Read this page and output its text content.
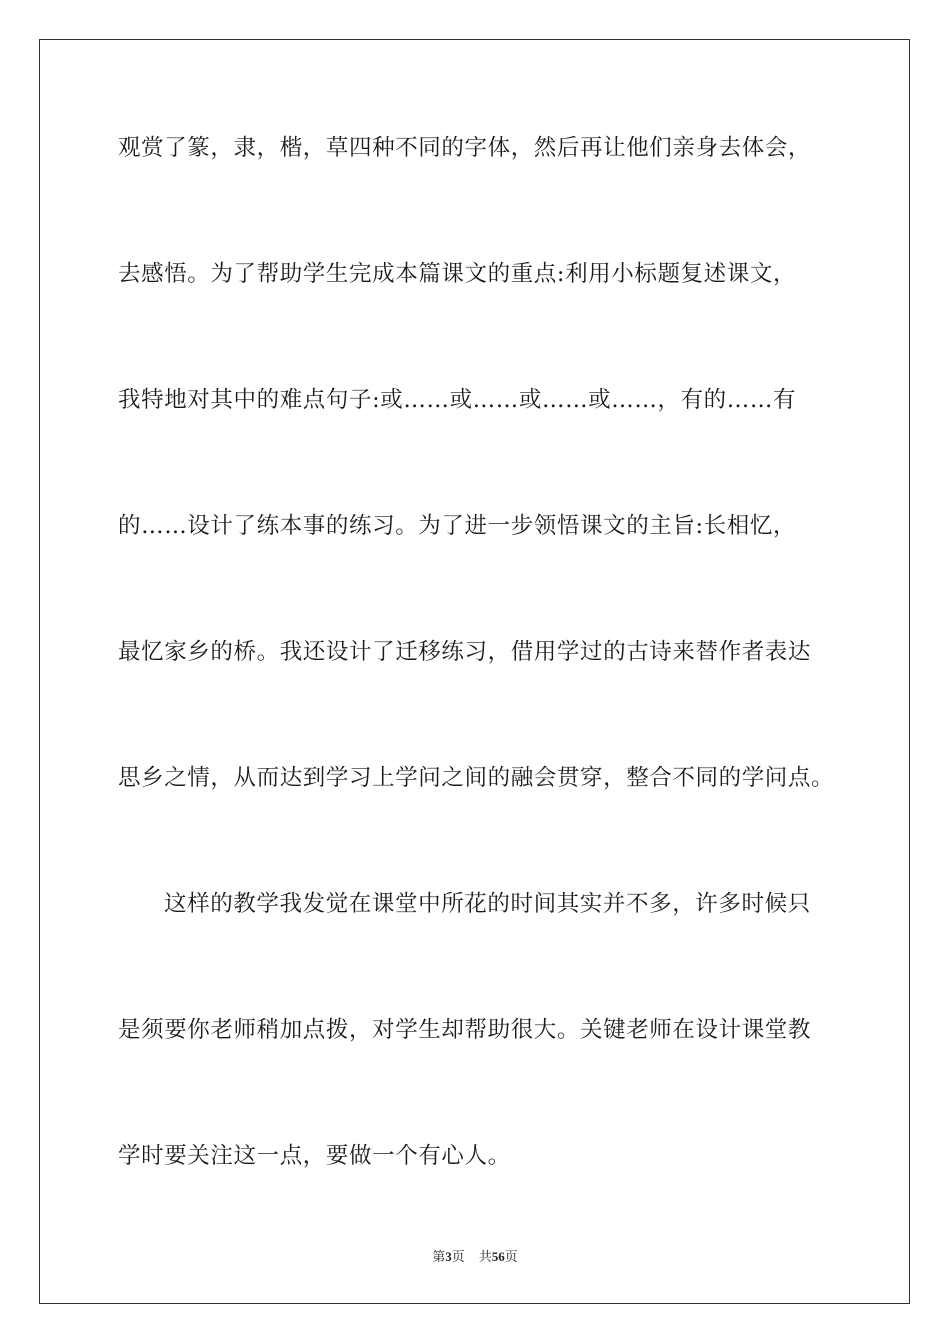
观赏了篆，隶，楷，草四种不同的字体，然后再让他们亲身去体会，
去感悟。为了帮助学生完成本篇课文的重点:利用小标题复述课文，
我特地对其中的难点句子:或……或……或……或……，有的……有
的……设计了练本事的练习。为了进一步领悟课文的主旨:长相忆，
最忆家乡的桥。我还设计了迁移练习，借用学过的古诗来替作者表达
思乡之情，从而达到学习上学问之间的融会贯穿，整合不同的学问点。
这样的教学我发觉在课堂中所花的时间其实并不多，许多时候只
是须要你老师稍加点拨，对学生却帮助很大。关键老师在设计课堂教
学时要关注这一点，要做一个有心人。
第3页 共56页
